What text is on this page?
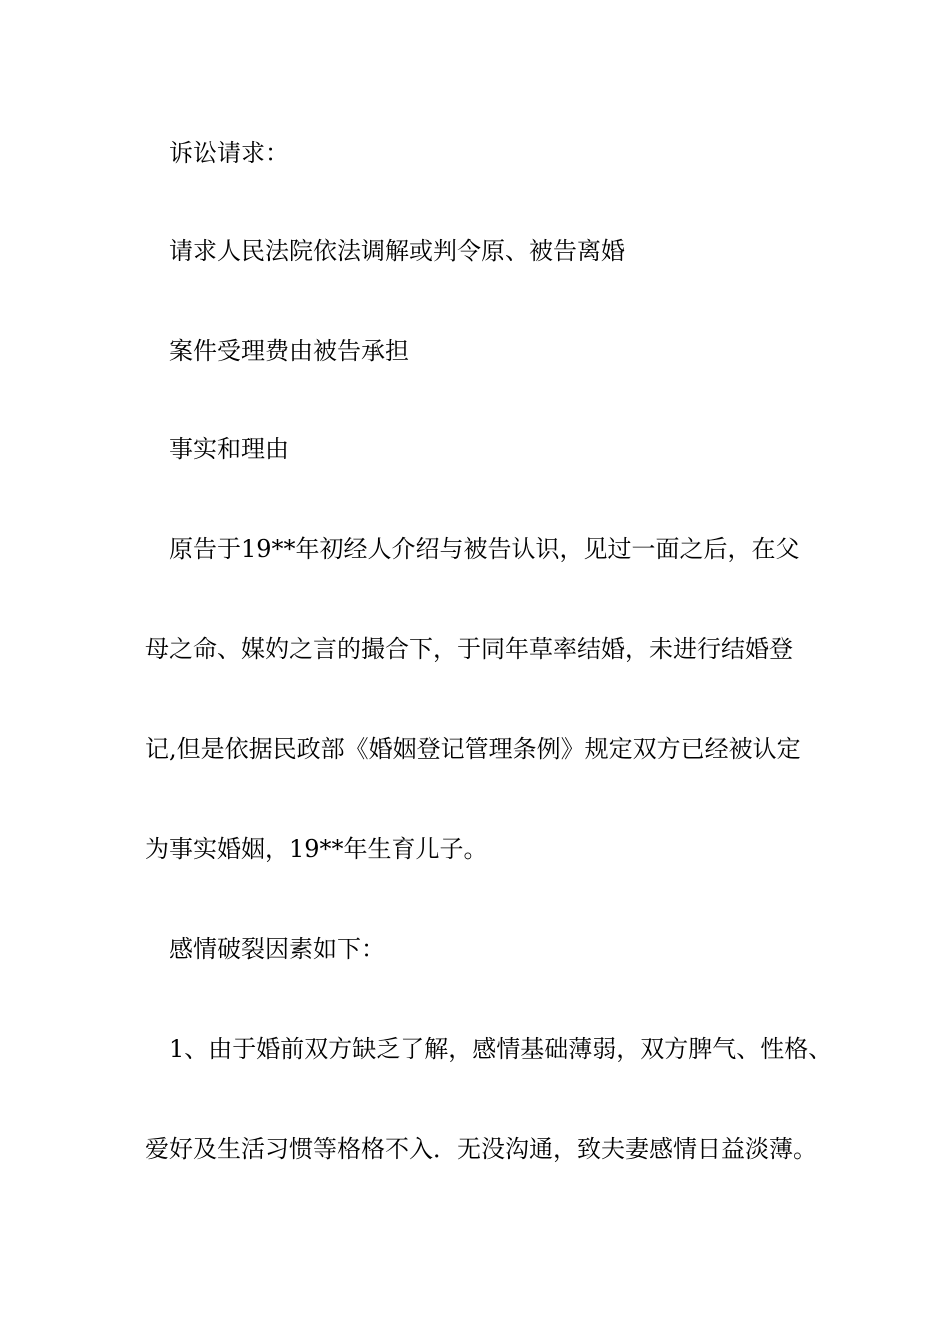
诉讼请求：
请求人民法院依法调解或判令原、被告离婚
案件受理费由被告承担
事实和理由
原告于19**年初经人介绍与被告认识，见过一面之后，在父
母之命、媒妁之言的撮合下，于同年草率结婚，未进行结婚登
记,但是依据民政部《婚姻登记管理条例》规定双方已经被认定
为事实婚姻，19**年生育儿子。
感情破裂因素如下：
1、由于婚前双方缺乏了解，感情基础薄弱，双方脾气、性格、
爱好及生活习惯等格格不入．无没沟通，致夫妻感情日益淡薄。
